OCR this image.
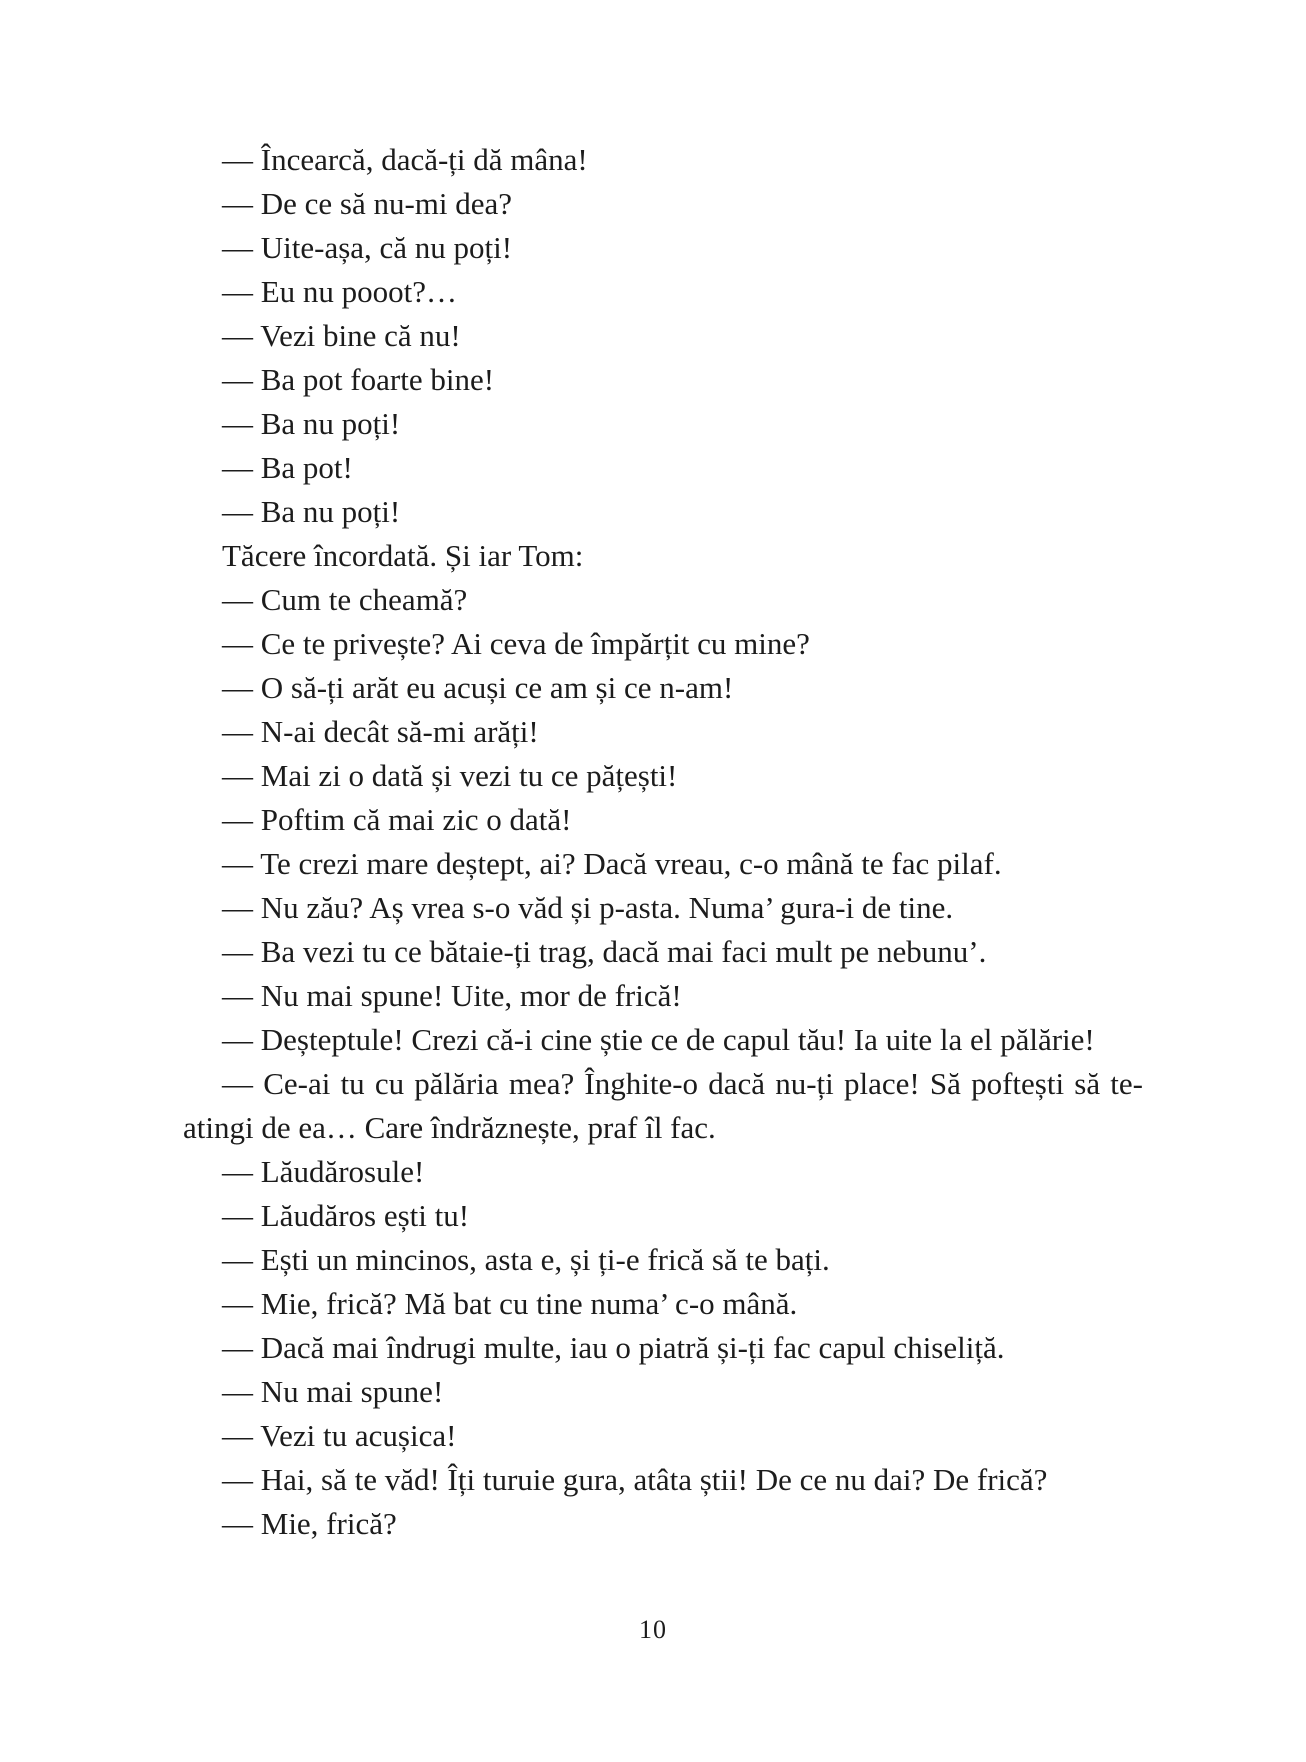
— Încearcă, dacă-ți dă mâna!

— De ce să nu-mi dea?

— Uite-așa, că nu poți!

— Eu nu pooot?…

— Vezi bine că nu!

— Ba pot foarte bine!

— Ba nu poți!

— Ba pot!

— Ba nu poți!

Tăcere încordată. Și iar Tom:

— Cum te cheamă?

— Ce te privește? Ai ceva de împărțit cu mine?

— O să-ți arăt eu acuși ce am și ce n-am!

— N-ai decât să-mi arăți!

— Mai zi o dată și vezi tu ce pățești!

— Poftim că mai zic o dată!

— Te crezi mare deștept, ai? Dacă vreau, c-o mână te fac pilaf.

— Nu zău? Aș vrea s-o văd și p-asta. Numa’ gura-i de tine.

— Ba vezi tu ce bătaie-ți trag, dacă mai faci mult pe nebunu’.

— Nu mai spune! Uite, mor de frică!

— Deșteptule! Crezi că-i cine știe ce de capul tău! Ia uite la el pălărie!

— Ce-ai tu cu pălăria mea? Înghite-o dacă nu-ți place! Să poftești să te-atingi de ea… Care îndrăznește, praf îl fac.

— Lăudărosule!

— Lăudăros ești tu!

— Ești un mincinos, asta e, și ți-e frică să te bați.

— Mie, frică? Mă bat cu tine numa’ c-o mână.

— Dacă mai îndrugi multe, iau o piatră și-ți fac capul chiseliță.

— Nu mai spune!

— Vezi tu acușica!

— Hai, să te văd! Îți turuie gura, atâta știi! De ce nu dai? De frică?

— Mie, frică?

10
